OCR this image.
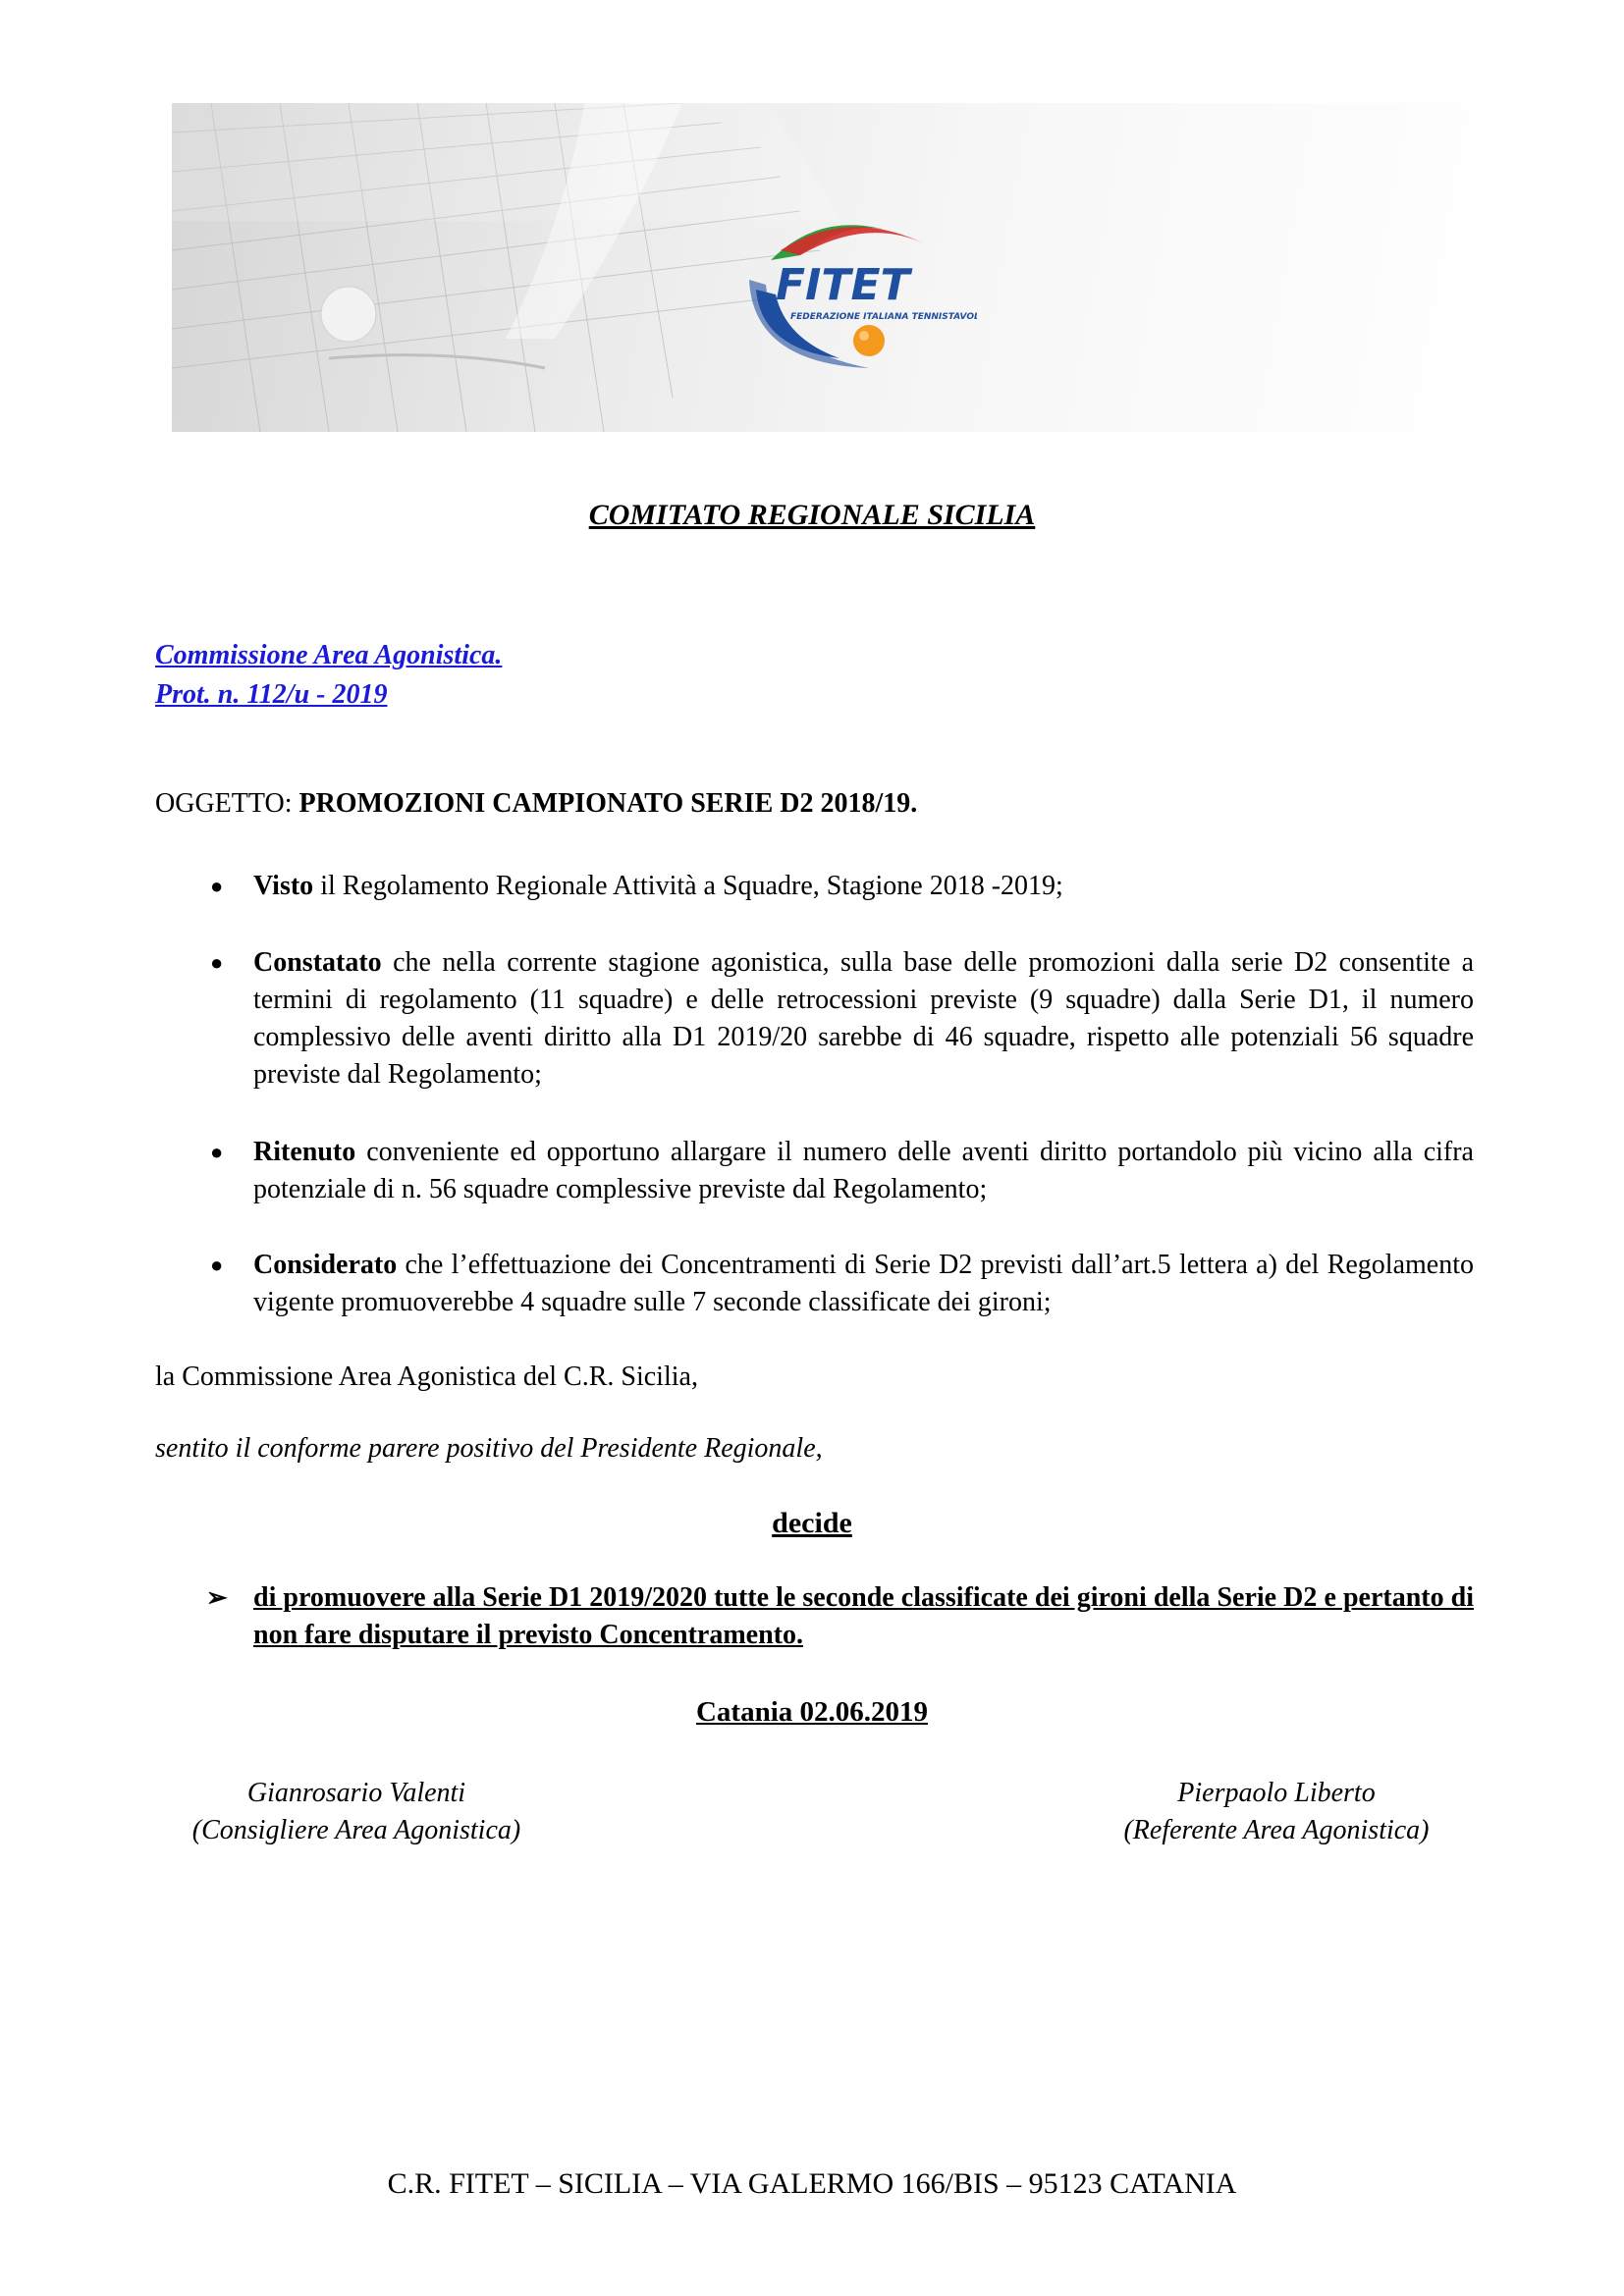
FITET
FEDERAZIONE ITALIANA TENNISTAVOLO
COMITATO REGIONALE SICILIA
Commissione Area Agonistica.
Prot. n. 112/u - 2019
OGGETTO: PROMOZIONI CAMPIONATO SERIE D2 2018/19.
● Visto il Regolamento Regionale Attività a Squadre, Stagione 2018 -2019;
● Constatato che nella corrente stagione agonistica, sulla base delle promozioni dalla serie D2 consentite a termini di regolamento (11 squadre) e delle retrocessioni previste (9 squadre) dalla Serie D1, il numero complessivo delle aventi diritto alla D1 2019/20 sarebbe di 46 squadre, rispetto alle potenziali 56 squadre previste dal Regolamento;
● Ritenuto conveniente ed opportuno allargare il numero delle aventi diritto portandolo più vicino alla cifra potenziale di n. 56 squadre complessive previste dal Regolamento;
● Considerato che l’effettuazione dei Concentramenti di Serie D2 previsti dall’art.5 lettera a) del Regolamento vigente promuoverebbe 4 squadre sulle 7 seconde classificate dei gironi;
la Commissione Area Agonistica del C.R. Sicilia,
sentito il conforme parere positivo del Presidente Regionale,
decide
➢ di promuovere alla Serie D1 2019/2020 tutte le seconde classificate dei gironi della Serie D2 e pertanto di non fare disputare il previsto Concentramento.
Catania 02.06.2019
Gianrosario Valenti
(Consigliere Area Agonistica)
Pierpaolo Liberto
(Referente Area Agonistica)
C.R. FITET – SICILIA – VIA GALERMO 166/BIS – 95123 CATANIA
